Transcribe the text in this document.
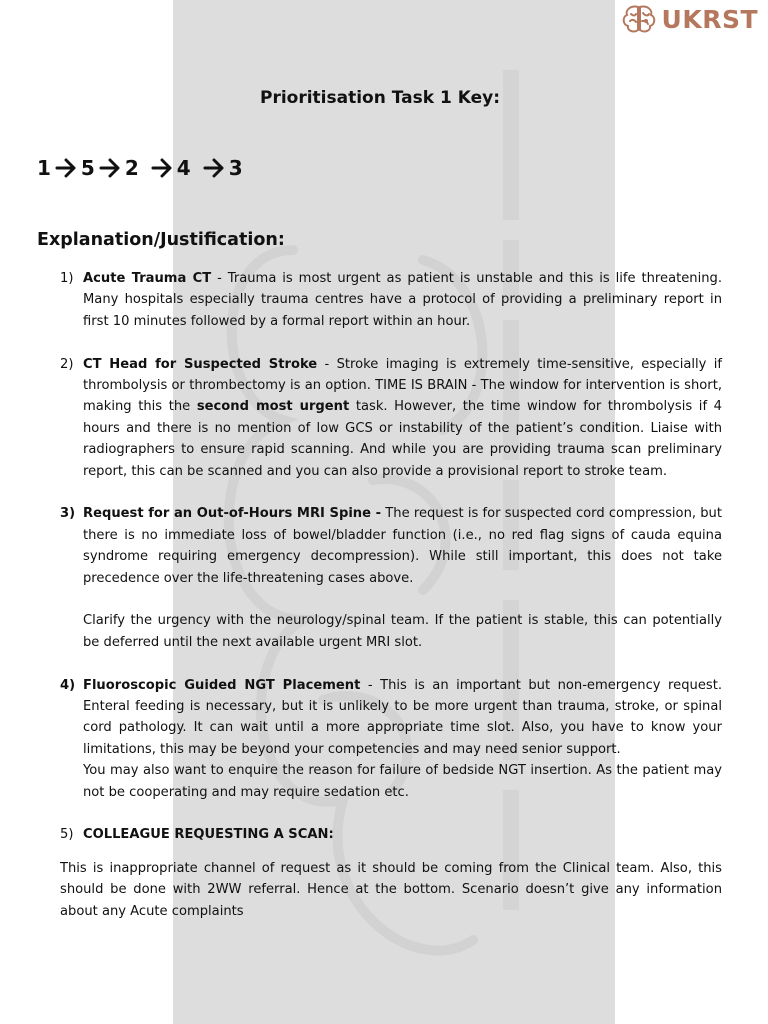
UKRST
Prioritisation Task 1 Key:
1 5 2 4 3
Explanation/Justification:
1) Acute Trauma CT - Trauma is most urgent as patient is unstable and this is life threatening. Many hospitals especially trauma centres have a protocol of providing a preliminary report in first 10 minutes followed by a formal report within an hour.

2) CT Head for Suspected Stroke - Stroke imaging is extremely time-sensitive, especially if thrombolysis or thrombectomy is an option. TIME IS BRAIN - The window for intervention is short, making this the second most urgent task. However, the time window for thrombolysis if 4 hours and there is no mention of low GCS or instability of the patient’s condition. Liaise with radiographers to ensure rapid scanning. And while you are providing trauma scan preliminary report, this can be scanned and you can also provide a provisional report to stroke team.

3) Request for an Out-of-Hours MRI Spine - The request is for suspected cord compression, but there is no immediate loss of bowel/bladder function (i.e., no red flag signs of cauda equina syndrome requiring emergency decompression). While still important, this does not take precedence over the life-threatening cases above.

Clarify the urgency with the neurology/spinal team. If the patient is stable, this can potentially be deferred until the next available urgent MRI slot.

4) Fluoroscopic Guided NGT Placement - This is an important but non-emergency request. Enteral feeding is necessary, but it is unlikely to be more urgent than trauma, stroke, or spinal cord pathology. It can wait until a more appropriate time slot. Also, you have to know your limitations, this may be beyond your competencies and may need senior support.

You may also want to enquire the reason for failure of bedside NGT insertion. As the patient may not be cooperating and may require sedation etc.

5) COLLEAGUE REQUESTING A SCAN:

This is inappropriate channel of request as it should be coming from the Clinical team. Also, this should be done with 2WW referral. Hence at the bottom. Scenario doesn’t give any information about any Acute complaints
